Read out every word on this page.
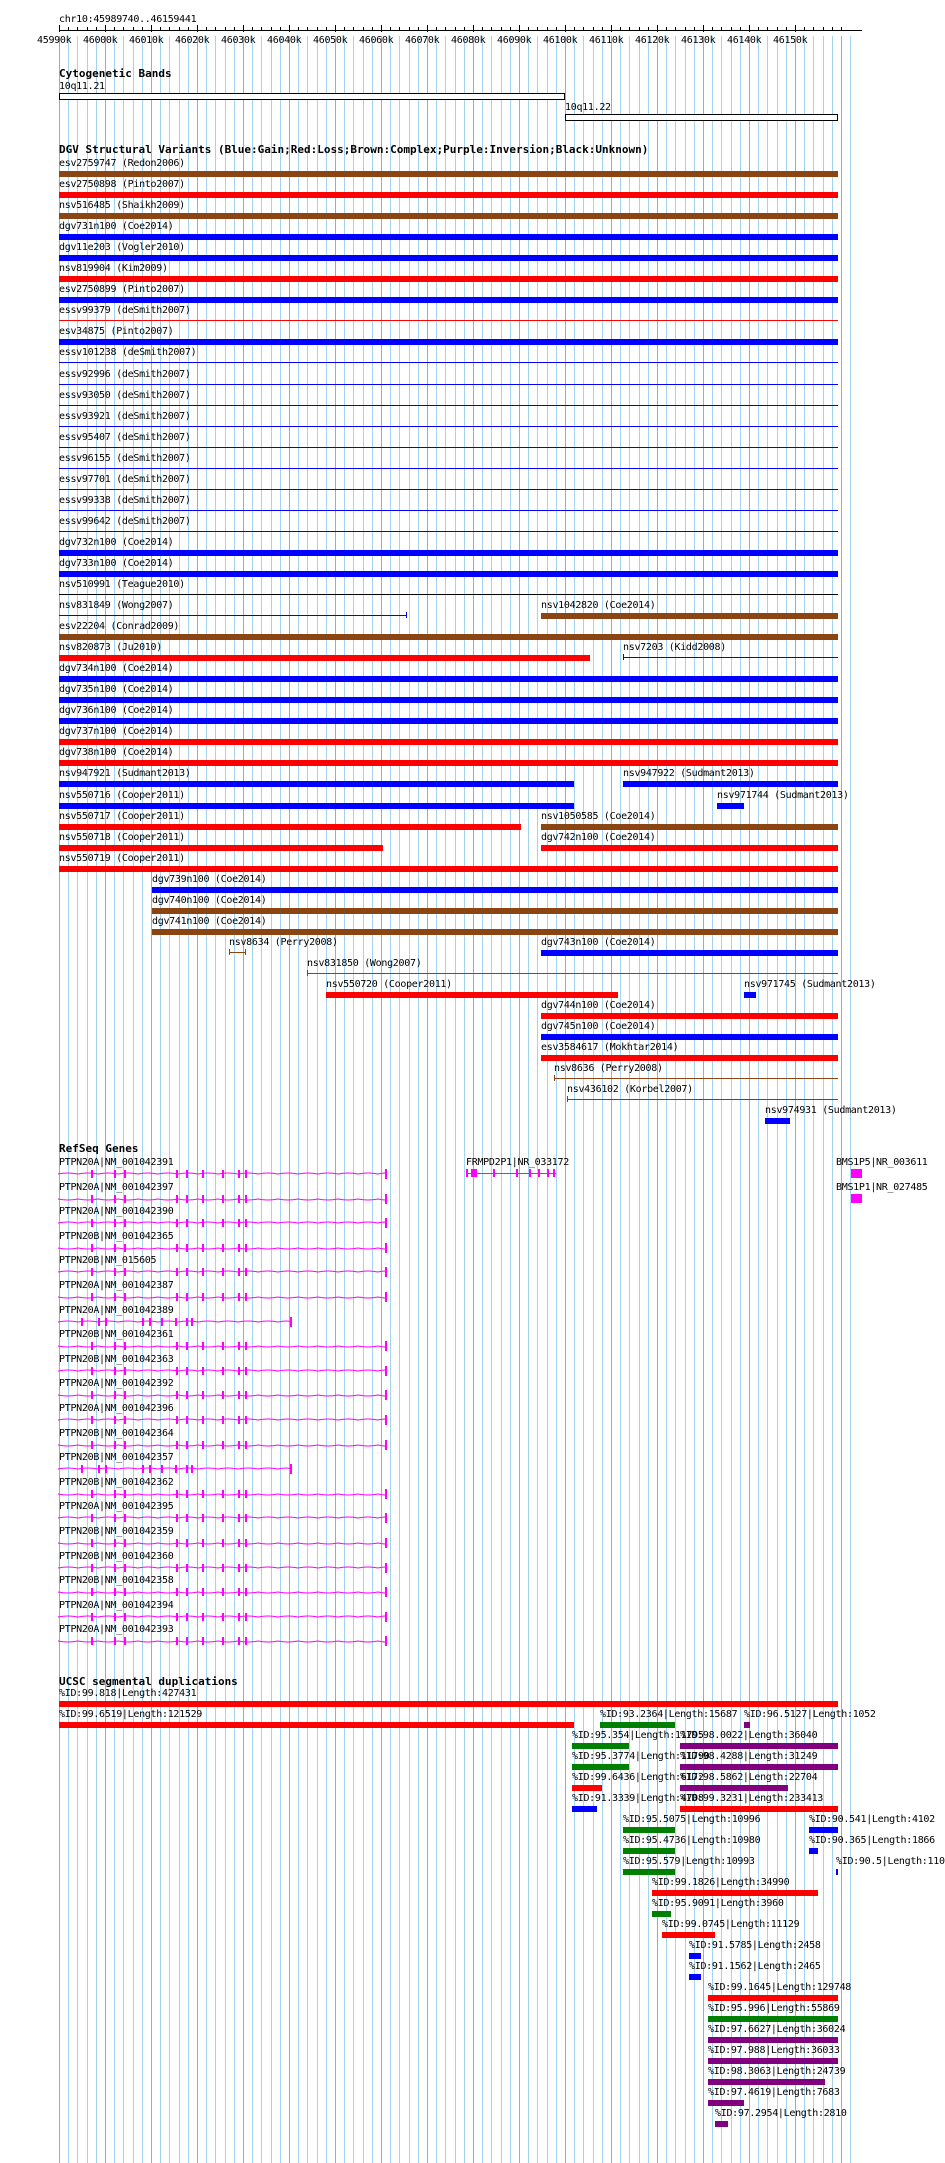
chr10:45989740..46159441
45990k 46000k 46010k 46020k 46030k 46040k 46050k 46060k 46070k 46080k 46090k 46100k 46110k 46120k 46130k 46140k 46150k
Cytogenetic Bands
10q11.21
10q11.22
DGV Structural Variants (Blue:Gain;Red:Loss;Brown:Complex;Purple:Inversion;Black:Unknown)
esv2759747 (Redon2006)
esv2750898 (Pinto2007)
nsv516485 (Shaikh2009)
dgv731n100 (Coe2014)
dgv11e203 (Vogler2010)
nsv819904 (Kim2009)
esv2750899 (Pinto2007)
essv99379 (deSmith2007)
esv34875 (Pinto2007)
essv101238 (deSmith2007)
essv92996 (deSmith2007)
essv93050 (deSmith2007)
essv93921 (deSmith2007)
essv95407 (deSmith2007)
essv96155 (deSmith2007)
essv97701 (deSmith2007)
essv99338 (deSmith2007)
essv99642 (deSmith2007)
dgv732n100 (Coe2014)
dgv733n100 (Coe2014)
nsv510991 (Teague2010)
nsv831849 (Wong2007)	nsv1042820 (Coe2014)
esv22204 (Conrad2009)
nsv820873 (Ju2010)	nsv7203 (Kidd2008)
dgv734n100 (Coe2014)
dgv735n100 (Coe2014)
dgv736n100 (Coe2014)
dgv737n100 (Coe2014)
dgv738n100 (Coe2014)
nsv947921 (Sudmant2013)	nsv947922 (Sudmant2013)
nsv550716 (Cooper2011)	nsv971744 (Sudmant2013)
nsv550717 (Cooper2011)	nsv1050585 (Coe2014)
nsv550718 (Cooper2011)	dgv742n100 (Coe2014)
nsv550719 (Cooper2011)
dgv739n100 (Coe2014)
dgv740n100 (Coe2014)
dgv741n100 (Coe2014)
nsv8634 (Perry2008)	dgv743n100 (Coe2014)
nsv831850 (Wong2007)
nsv550720 (Cooper2011)	nsv971745 (Sudmant2013)
dgv744n100 (Coe2014)
dgv745n100 (Coe2014)
esv3584617 (Mokhtar2014)
nsv8636 (Perry2008)
nsv436102 (Korbel2007)
nsv974931 (Sudmant2013)
RefSeq Genes
PTPN20A|NM_001042391
PTPN20A|NM_001042397
PTPN20A|NM_001042390
PTPN20B|NM_001042365
PTPN20B|NM_015605
PTPN20A|NM_001042387
PTPN20A|NM_001042389
PTPN20B|NM_001042361
PTPN20B|NM_001042363
PTPN20A|NM_001042392
PTPN20A|NM_001042396
PTPN20B|NM_001042364
PTPN20B|NM_001042357
PTPN20B|NM_001042362
PTPN20A|NM_001042395
PTPN20B|NM_001042359
PTPN20B|NM_001042360
PTPN20B|NM_001042358
PTPN20A|NM_001042394
PTPN20A|NM_001042393
FRMPD2P1|NR_033172	BMS1P5|NR_003611
BMS1P1|NR_027485
UCSC segmental duplications
%ID:99.818|Length:427431
%ID:99.6519|Length:121529	%ID:93.2364|Length:15687 %ID:96.5127|Length:1052
%ID:95.354|Length:11795
%ID:98.0022|Length:36040
%ID:95.3774|Length:11790
%ID:98.4288|Length:31249
%ID:99.6436|Length:6172
%ID:98.5862|Length:22704
%ID:91.3339|Length:4708
%ID:99.3231|Length:233413
%ID:95.5075|Length:10996	%ID:90.541|Length:4102
%ID:95.4736|Length:10980	%ID:90.365|Length:1866
%ID:95.579|Length:10993	%ID:90.5|Length:110
%ID:99.1826|Length:34990
%ID:95.9091|Length:3960
%ID:99.0745|Length:11129
%ID:91.5785|Length:2458
%ID:91.1562|Length:2465
%ID:99.1645|Length:129748
%ID:95.996|Length:55869
%ID:97.6627|Length:36024
%ID:97.988|Length:36033
%ID:98.3063|Length:24739
%ID:97.4619|Length:7683
%ID:97.2954|Length:2810
